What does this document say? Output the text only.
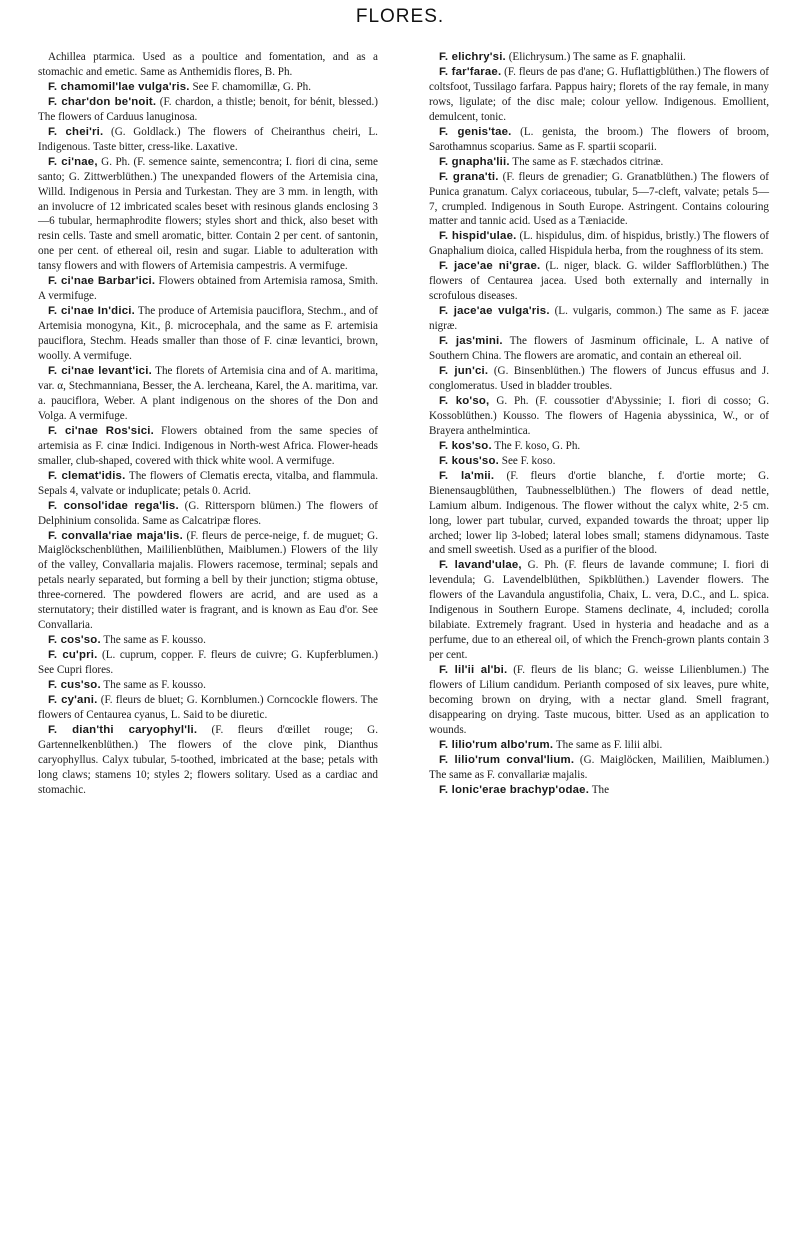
FLORES.

Achillea ptarmica. Used as a poultice and fomentation, and as a stomachic and emetic. Same as Anthemidis flores, B. Ph.

F. chamomil'lae vulga'ris. See F. chamomillæ, G. Ph.

F. char'don be'noit. (F. chardon, a thistle; benoit, for bénit, blessed.) The flowers of Carduus lanuginosa.

F. chei'ri. (G. Goldlack.) The flowers of Cheiranthus cheiri, L. Indigenous. Taste bitter, cress-like. Laxative.

F. ci'nae, G. Ph. (F. semence sainte, semencontra; I. fiori di cina, seme santo; G. Zittwerblüthen.) The unexpanded flowers of the Artemisia cina, Willd. Indigenous in Persia and Turkestan. They are 3 mm. in length, with an involucre of 12 imbricated scales beset with resinous glands enclosing 3—6 tubular, hermaphrodite flowers; styles short and thick, also beset with resin cells. Taste and smell aromatic, bitter. Contain 2 per cent. of santonin, one per cent. of ethereal oil, resin and sugar. Liable to adulteration with tansy flowers and with flowers of Artemisia campestris. A vermifuge.

F. ci'nae Barbar'ici. Flowers obtained from Artemisia ramosa, Smith. A vermifuge.

F. ci'nae In'dici. The produce of Artemisia pauciflora, Stechm., and of Artemisia monogyna, Kit., β. microcephala, and the same as F. artemisia pauciflora, Stechm. Heads smaller than those of F. cinæ levantici, brown, woolly. A vermifuge.

F. ci'nae levant'ici. The florets of Artemisia cina and of A. maritima, var. α, Stechmanniana, Besser, the A. lercheana, Karel, the A. maritima, var. a. pauciflora, Weber. A plant indigenous on the shores of the Don and Volga. A vermifuge.

F. ci'nae Ros'sici. Flowers obtained from the same species of artemisia as F. cinæ Indici. Indigenous in North-west Africa. Flower-heads smaller, club-shaped, covered with thick white wool. A vermifuge.

F. clemat'idis. The flowers of Clematis erecta, vitalba, and flammula. Sepals 4, valvate or induplicate; petals 0. Acrid.

F. consol'idae rega'lis. (G. Rittersporn blümen.) The flowers of Delphinium consolida. Same as Calcatripæ flores.

F. convalla'riae maja'lis. (F. fleurs de perce-neige, f. de muguet; G. Maiglöckschenblüthen, Maililienblüthen, Maiblumen.) Flowers of the lily of the valley, Convallaria majalis. Flowers racemose, terminal; sepals and petals nearly separated, but forming a bell by their junction; stigma obtuse, three-cornered. The powdered flowers are acrid, and are used as a sternutatory; their distilled water is fragrant, and is known as Eau d'or. See Convallaria.

F. cos'so. The same as F. kousso.

F. cu'pri. (L. cuprum, copper. F. fleurs de cuivre; G. Kupferblumen.) See Cupri flores.

F. cus'so. The same as F. kousso.

F. cy'ani. (F. fleurs de bluet; G. Kornblumen.) Corncockle flowers. The flowers of Centaurea cyanus, L. Said to be diuretic.

F. dian'thi caryophyl'li. (F. fleurs d'œillet rouge; G. Gartennelkenblüthen.) The flowers of the clove pink, Dianthus caryophyllus. Calyx tubular, 5-toothed, imbricated at the base; petals with long claws; stamens 10; styles 2; flowers solitary. Used as a cardiac and stomachic.

F. elichry'si. (Elichrysum.) The same as F. gnaphalii.

F. far'farae. (F. fleurs de pas d'ane; G. Huflattigblüthen.) The flowers of coltsfoot, Tussilago farfara. Pappus hairy; florets of the ray female, in many rows, ligulate; of the disc male; colour yellow. Indigenous. Emollient, demulcent, tonic.

F. genis'tae. (L. genista, the broom.) The flowers of broom, Sarothamnus scoparius. Same as F. spartii scoparii.

F. gnapha'lii. The same as F. stæchados citrinæ.

F. grana'ti. (F. fleurs de grenadier; G. Granatblüthen.) The flowers of Punica granatum. Calyx coriaceous, tubular, 5—7-cleft, valvate; petals 5—7, crumpled. Indigenous in South Europe. Astringent. Contains colouring matter and tannic acid. Used as a Tæniacide.

F. hispid'ulae. (L. hispidulus, dim. of hispidus, bristly.) The flowers of Gnaphalium dioica, called Hispidula herba, from the roughness of its stem.

F. jace'ae ni'grae. (L. niger, black. G. wilder Safflorblüthen.) The flowers of Centaurea jacea. Used both externally and internally in scrofulous diseases.

F. jace'ae vulga'ris. (L. vulgaris, common.) The same as F. jaceæ nigræ.

F. jas'mini. The flowers of Jasminum officinale, L. A native of Southern China. The flowers are aromatic, and contain an ethereal oil.

F. jun'ci. (G. Binsenblüthen.) The flowers of Juncus effusus and J. conglomeratus. Used in bladder troubles.

F. ko'so, G. Ph. (F. coussotier d'Abyssinie; I. fiori di cosso; G. Kossoblüthen.) Kousso. The flowers of Hagenia abyssinica, W., or of Brayera anthelmintica.

F. kos'so. The F. koso, G. Ph.

F. kous'so. See F. koso.

F. la'mii. (F. fleurs d'ortie blanche, f. d'ortie morte; G. Bienensaugblüthen, Taubnesselblüthen.) The flowers of dead nettle, Lamium album. Indigenous. The flower without the calyx white, 2·5 cm. long, lower part tubular, curved, expanded towards the throat; upper lip arched; lower lip 3-lobed; lateral lobes small; stamens didynamous. Taste and smell sweetish. Used as a purifier of the blood.

F. lavand'ulae, G. Ph. (F. fleurs de lavande commune; I. fiori di levendula; G. Lavendelblüthen, Spikblüthen.) Lavender flowers. The flowers of the Lavandula angustifolia, Chaix, L. vera, D.C., and L. spica. Indigenous in Southern Europe. Stamens declinate, 4, included; corolla bilabiate. Extremely fragrant. Used in hysteria and headache and as a perfume, due to an ethereal oil, of which the French-grown plants contain 3 per cent.

F. lil'ii al'bi. (F. fleurs de lis blanc; G. weisse Lilienblumen.) The flowers of Lilium candidum. Perianth composed of six leaves, pure white, becoming brown on drying, with a nectar gland. Smell fragrant, disappearing on drying. Taste mucous, bitter. Used as an application to wounds.

F. lilio'rum albo'rum. The same as F. lilii albi.

F. lilio'rum conval'lium. (G. Maiglöcken, Maililien, Maiblumen.) The same as F. convallariæ majalis.

F. lonic'erae brachyp'odae. The
